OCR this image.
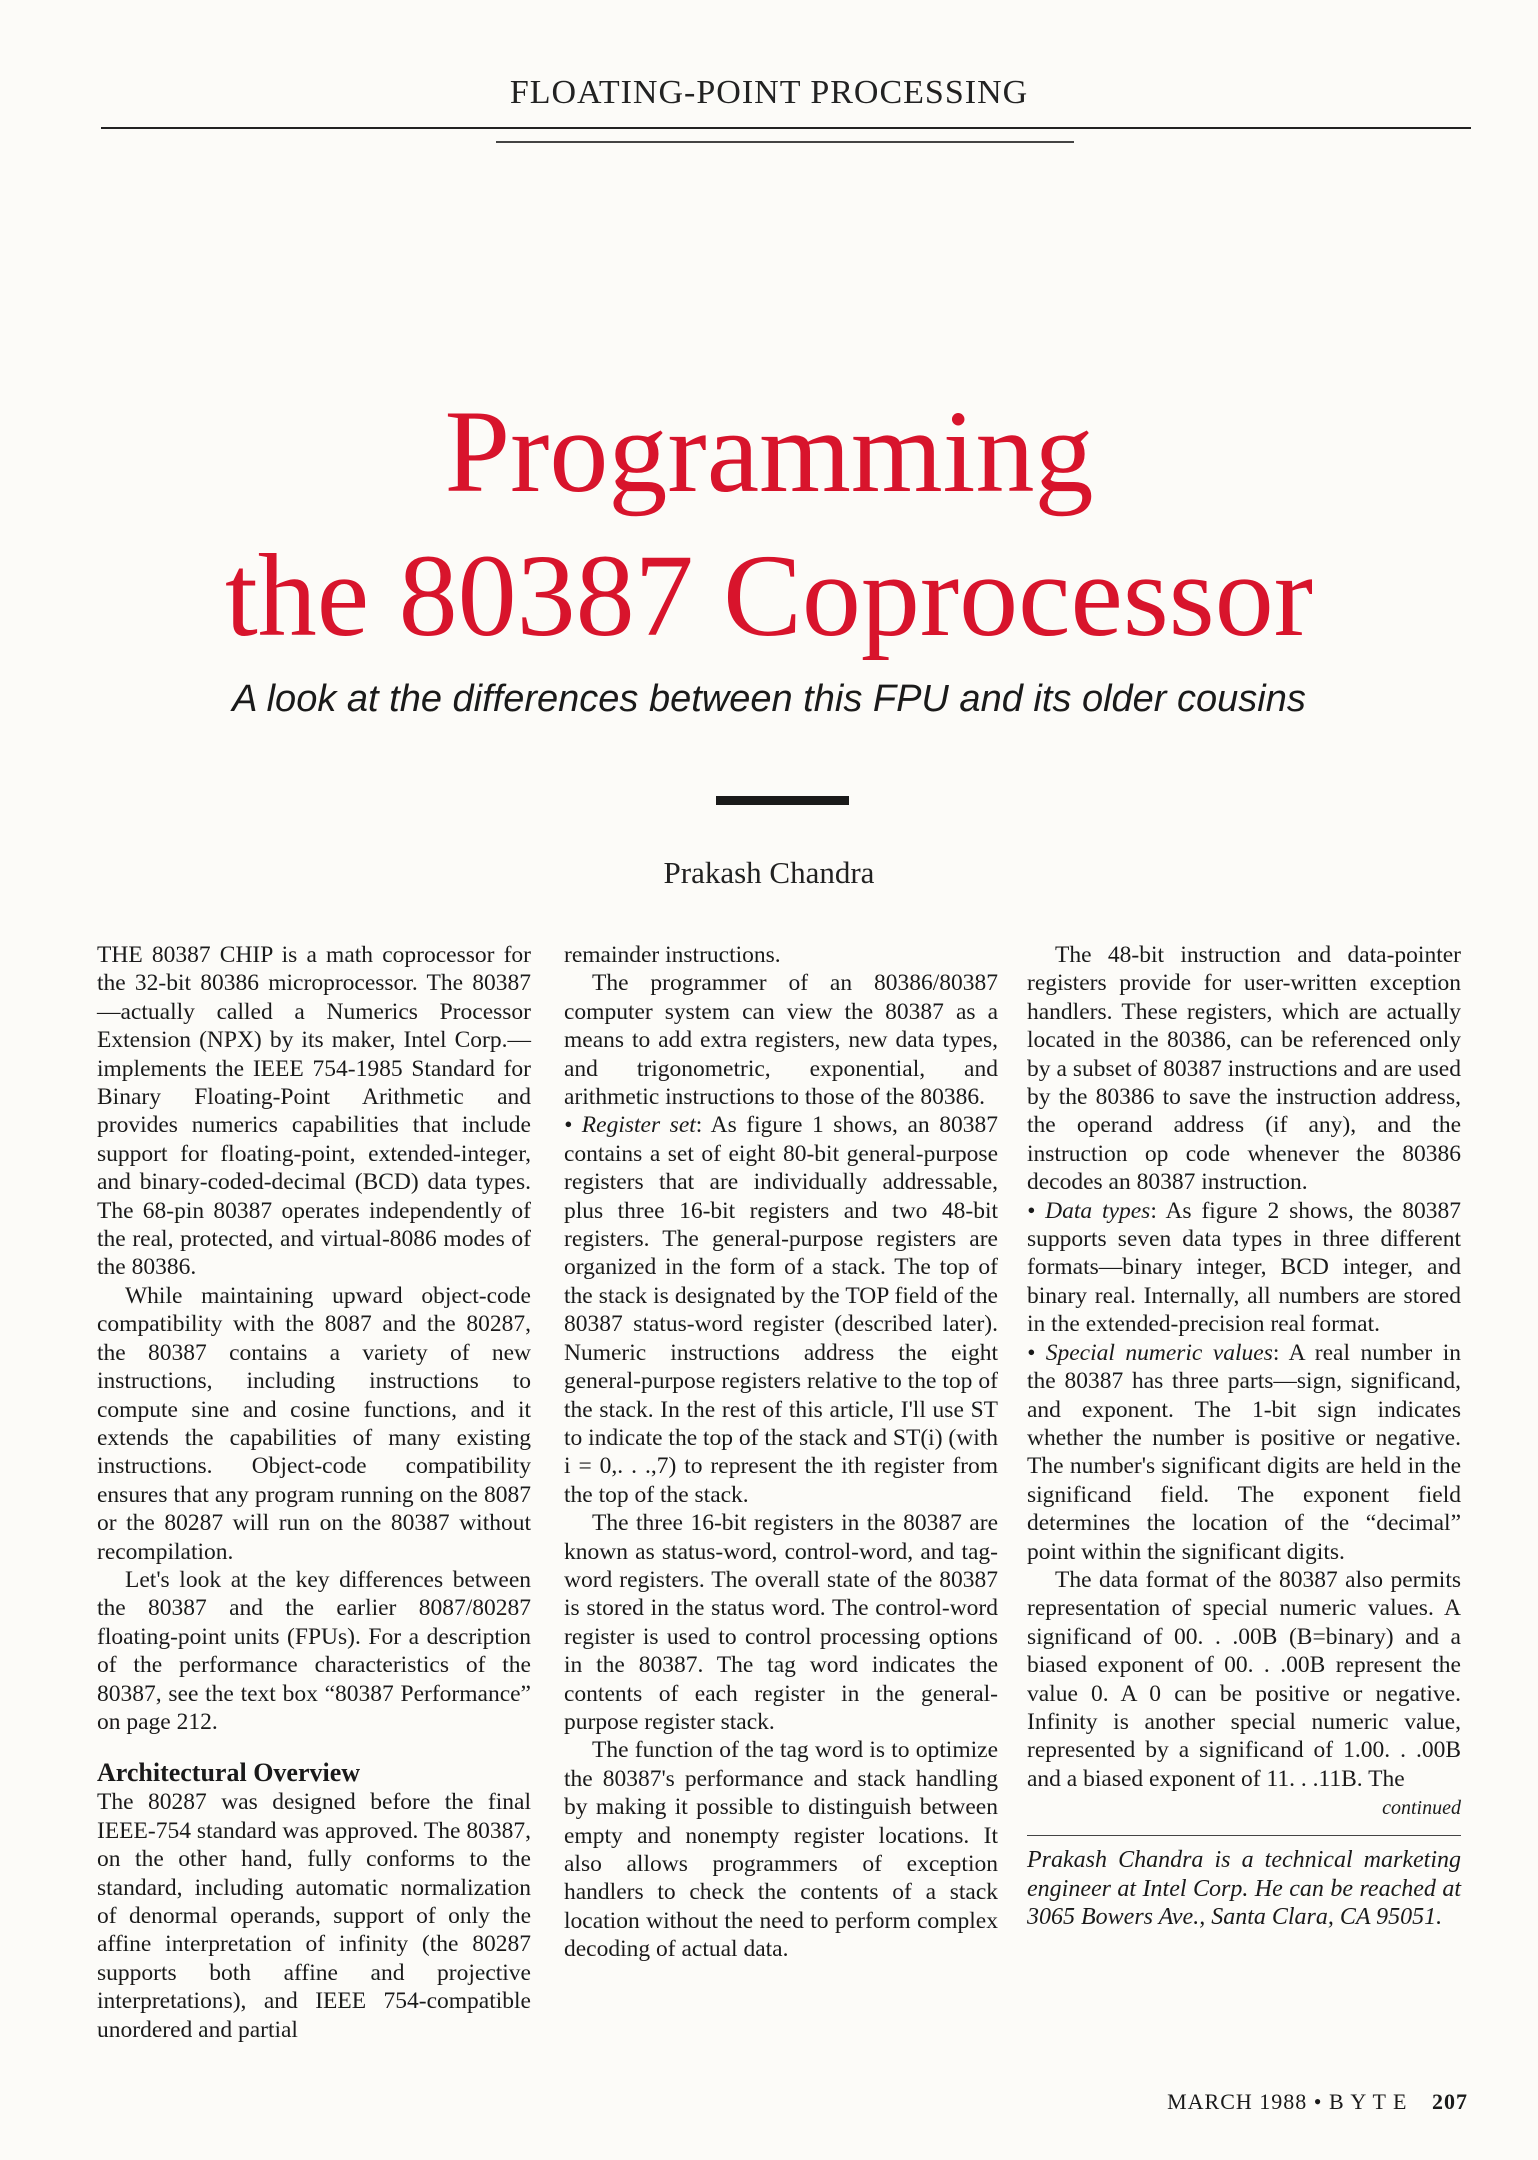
FLOATING-POINT PROCESSING
Programming
the 80387 Coprocessor
A look at the differences between this FPU and its older cousins
Prakash Chandra

THE 80387 CHIP is a math coprocessor for the 32-bit 80386 microprocessor. The 80387—actually called a Numerics Processor Extension (NPX) by its maker, Intel Corp.—implements the IEEE 754-1985 Standard for Binary Floating-Point Arithmetic and provides numerics capabilities that include support for floating-point, extended-integer, and binary-coded-decimal (BCD) data types. The 68-pin 80387 operates independently of the real, protected, and virtual-8086 modes of the 80386.

While maintaining upward object-code compatibility with the 8087 and the 80287, the 80387 contains a variety of new instructions, including instructions to compute sine and cosine functions, and it extends the capabilities of many existing instructions. Object-code compatibility ensures that any program running on the 8087 or the 80287 will run on the 80387 without recompilation.

Let's look at the key differences between the 80387 and the earlier 8087/80287 floating-point units (FPUs). For a description of the performance characteristics of the 80387, see the text box “80387 Performance” on page 212.

Architectural Overview

The 80287 was designed before the final IEEE-754 standard was approved. The 80387, on the other hand, fully conforms to the standard, including automatic normalization of denormal operands, support of only the affine interpretation of infinity (the 80287 supports both affine and projective interpretations), and IEEE 754-compatible unordered and partial

remainder instructions.

The programmer of an 80386/80387 computer system can view the 80387 as a means to add extra registers, new data types, and trigonometric, exponential, and arithmetic instructions to those of the 80386.

• Register set: As figure 1 shows, an 80387 contains a set of eight 80-bit general-purpose registers that are individually addressable, plus three 16-bit registers and two 48-bit registers. The general-purpose registers are organized in the form of a stack. The top of the stack is designated by the TOP field of the 80387 status-word register (described later). Numeric instructions address the eight general-purpose registers relative to the top of the stack. In the rest of this article, I'll use ST to indicate the top of the stack and ST(i) (with i = 0,. . .,7) to represent the ith register from the top of the stack.

The three 16-bit registers in the 80387 are known as status-word, control-word, and tag-word registers. The overall state of the 80387 is stored in the status word. The control-word register is used to control processing options in the 80387. The tag word indicates the contents of each register in the general-purpose register stack.

The function of the tag word is to optimize the 80387's performance and stack handling by making it possible to distinguish between empty and nonempty register locations. It also allows programmers of exception handlers to check the contents of a stack location without the need to perform complex decoding of actual data.

The 48-bit instruction and data-pointer registers provide for user-written exception handlers. These registers, which are actually located in the 80386, can be referenced only by a subset of 80387 instructions and are used by the 80386 to save the instruction address, the operand address (if any), and the instruction op code whenever the 80386 decodes an 80387 instruction.

• Data types: As figure 2 shows, the 80387 supports seven data types in three different formats—binary integer, BCD integer, and binary real. Internally, all numbers are stored in the extended-precision real format.

• Special numeric values: A real number in the 80387 has three parts—sign, significand, and exponent. The 1-bit sign indicates whether the number is positive or negative. The number's significant digits are held in the significand field. The exponent field determines the location of the “decimal” point within the significant digits.

The data format of the 80387 also permits representation of special numeric values. A significand of 00. . .00B (B=binary) and a biased exponent of 00. . .00B represent the value 0. A 0 can be positive or negative. Infinity is another special numeric value, represented by a significand of 1.00. . .00B and a biased exponent of 11. . .11B. The

continued
Prakash Chandra is a technical marketing engineer at Intel Corp. He can be reached at 3065 Bowers Ave., Santa Clara, CA 95051.
MARCH 1988 • B Y T E 207
